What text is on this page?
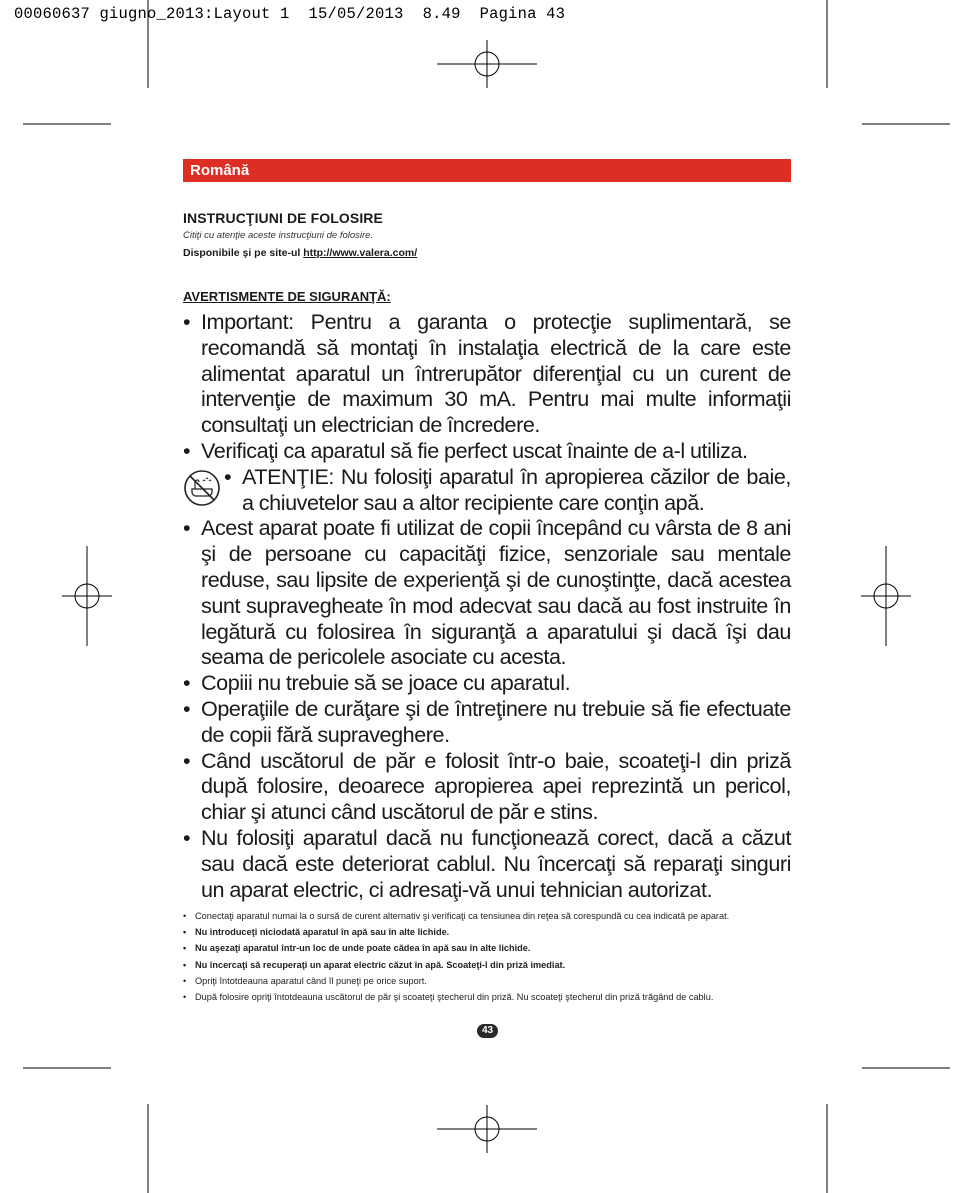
00060637 giugno_2013:Layout 1  15/05/2013  8.49  Pagina 43
Română
INSTRUCŢIUNI DE FOLOSIRE
Citiţi cu atenţie aceste instrucţiuni de folosire.
Disponibile şi pe site-ul http://www.valera.com/
AVERTISMENTE DE SIGURANŢĂ:
• Important: Pentru a garanta o protecţie suplimentară, se recomandă să montaţi în instalaţia electrică de la care este alimentat aparatul un întrerupător diferenţial cu un curent de intervenţie de maximum 30 mA. Pentru mai multe informaţii consultaţi un electrician de încredere.
• Verificaţi ca aparatul să fie perfect uscat înainte de a-l utiliza.
• ATENŢIE: Nu folosiţi aparatul în apropierea căzilor de baie, a chiuvetelor sau a altor recipiente care conţin apă.
• Acest aparat poate fi utilizat de copii începând cu vârsta de 8 ani şi de persoane cu capacităţi fizice, senzoriale sau mentale reduse, sau lipsite de experienţă şi de cunoştinţte, dacă acestea sunt supravegheate în mod adecvat sau dacă au fost instruite în legătură cu folosirea în siguranţă a aparatului şi dacă îşi dau seama de pericolele asociate cu acesta.
• Copiii nu trebuie să se joace cu aparatul.
• Operaţiile de curăţare şi de întreţinere nu trebuie să fie efectuate de copii fără supraveghere.
• Când uscătorul de păr e folosit într-o baie, scoateţi-l din priză după folosire, deoarece apropierea apei reprezintă un pericol, chiar şi atunci când uscătorul de păr e stins.
• Nu folosiţi aparatul dacă nu funcţionează corect, dacă a căzut sau dacă este deteriorat cablul. Nu încercaţi să reparaţi singuri un aparat electric, ci adresaţi-vă unui tehnician autorizat.
• Conectaţi aparatul numai la o sursă de curent alternativ şi verificaţi ca tensiunea din reţea să corespundă cu cea indicată pe aparat.
• Nu introduceţi niciodată aparatul în apă sau în alte lichide.
• Nu aşezaţi aparatul într-un loc de unde poate cădea în apă sau în alte lichide.
• Nu încercaţi să recuperaţi un aparat electric căzut în apă. Scoateţi-l din priză imediat.
• Opriţi întotdeauna aparatul când îl puneţi pe orice suport.
• După folosire opriţi întotdeauna uscătorul de păr şi scoateţi ştecherul din priză. Nu scoateţi ştecherul din priză trăgând de cablu.
43
